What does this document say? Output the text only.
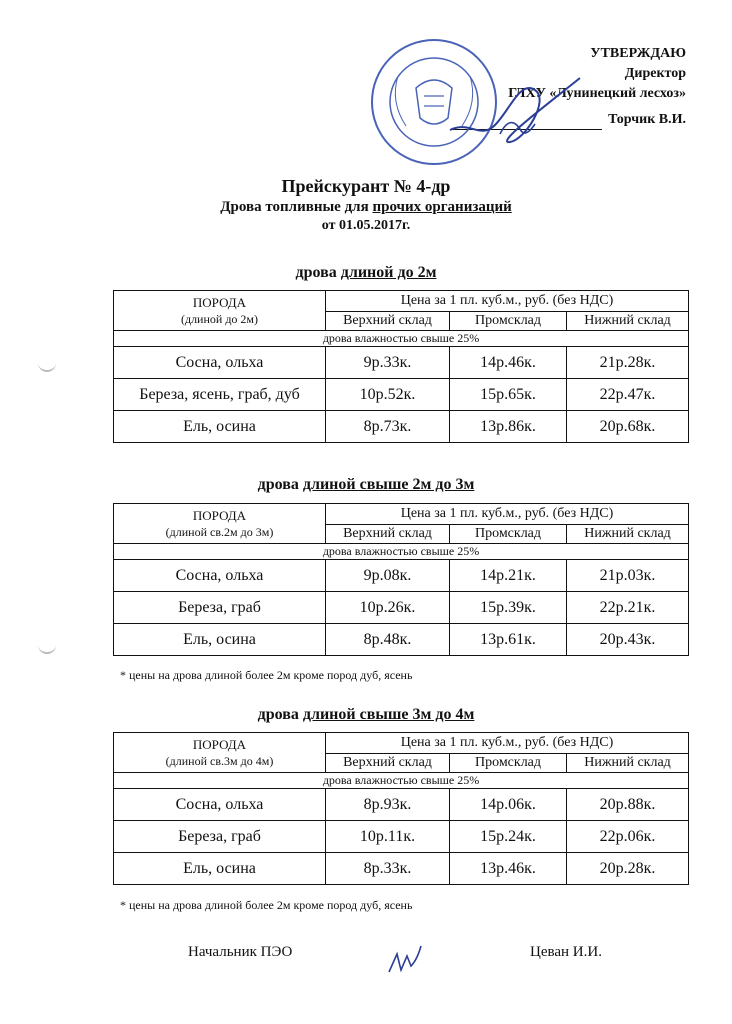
УТВЕРЖДАЮ
Директор
ГЛХУ «Лунинецкий лесхоз»
Торчик В.И.
Прейскурант № 4-др
Дрова топливные для прочих организаций
от 01.05.2017г.
дрова длиной до 2м
ПОРОДА
(длиной до 2м)	Цена за 1 пл. куб.м., руб. (без НДС)		
	Верхний склад	Промсклад	Нижний склад
дрова влажностью свыше 25%			
Сосна, ольха	9р.33к.	14р.46к.	21р.28к.
Береза, ясень, граб, дуб	10р.52к.	15р.65к.	22р.47к.
Ель, осина	8р.73к.	13р.86к.	20р.68к.
дрова длиной свыше 2м до 3м
ПОРОДА
(длиной св.2м до 3м)	Цена за 1 пл. куб.м., руб. (без НДС)		
	Верхний склад	Промсклад	Нижний склад
дрова влажностью свыше 25%			
Сосна, ольха	9р.08к.	14р.21к.	21р.03к.
Береза, граб	10р.26к.	15р.39к.	22р.21к.
Ель, осина	8р.48к.	13р.61к.	20р.43к.
* цены на дрова длиной более 2м кроме пород дуб, ясень
дрова длиной свыше 3м до 4м
ПОРОДА
(длиной св.3м до 4м)	Цена за 1 пл. куб.м., руб. (без НДС)		
	Верхний склад	Промсклад	Нижний склад
дрова влажностью свыше 25%			
Сосна, ольха	8р.93к.	14р.06к.	20р.88к.
Береза, граб	10р.11к.	15р.24к.	22р.06к.
Ель, осина	8р.33к.	13р.46к.	20р.28к.
* цены на дрова длиной более 2м кроме пород дуб, ясень
Начальник ПЭО	Цеван И.И.
